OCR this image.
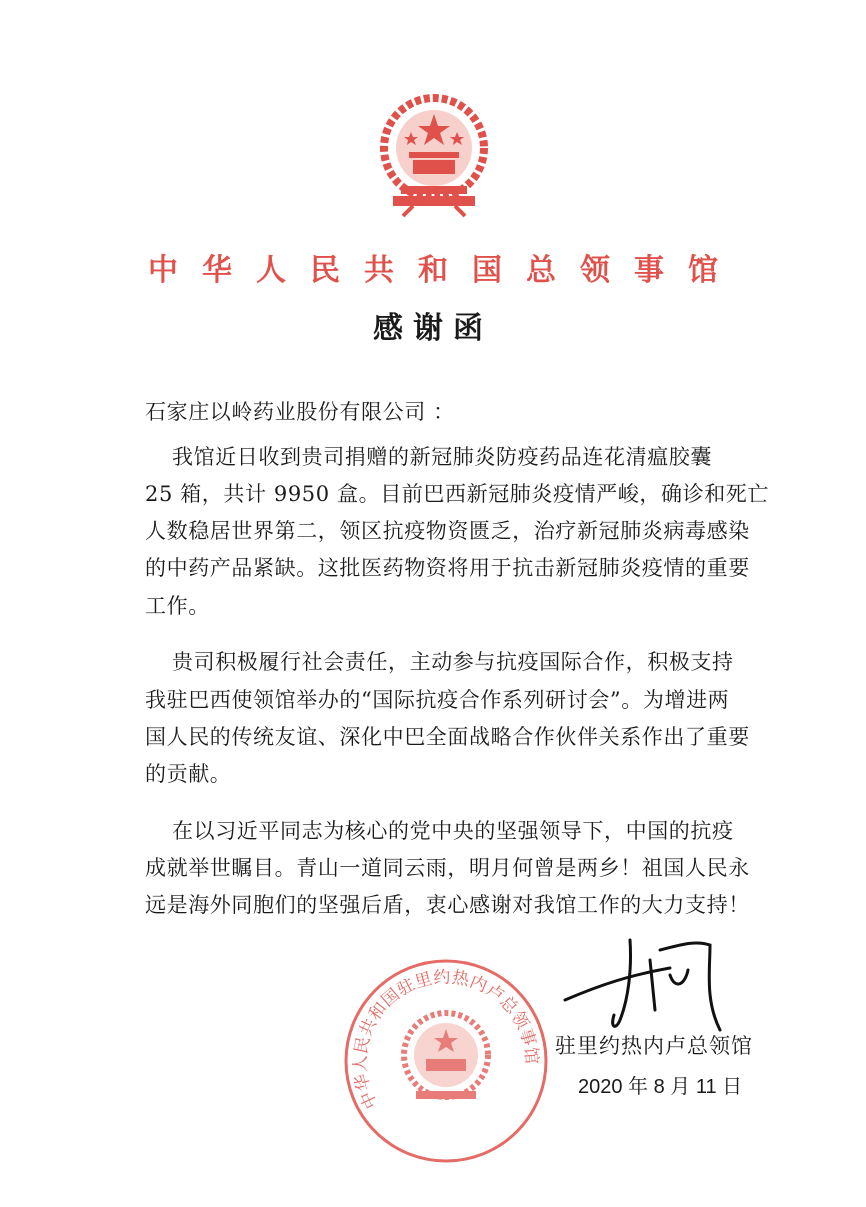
中华人民共和国总领事馆
感谢函
石家庄以岭药业股份有限公司 ：
我馆近日收到贵司捐赠的新冠肺炎防疫药品连花清瘟胶囊
25 箱，共计 9950 盒。目前巴西新冠肺炎疫情严峻，确诊和死亡
人数稳居世界第二，领区抗疫物资匮乏，治疗新冠肺炎病毒感染
的中药产品紧缺。这批医药物资将用于抗击新冠肺炎疫情的重要
工作。
贵司积极履行社会责任，主动参与抗疫国际合作，积极支持
我驻巴西使领馆举办的“国际抗疫合作系列研讨会”。为增进两
国人民的传统友谊、深化中巴全面战略合作伙伴关系作出了重要
的贡献。
在以习近平同志为核心的党中央的坚强领导下，中国的抗疫
成就举世瞩目。青山一道同云雨，明月何曾是两乡！祖国人民永
远是海外同胞们的坚强后盾，衷心感谢对我馆工作的大力支持！
中华人民共和国驻里约热内卢总领事馆 驻里约热内卢总领馆
2020 年 8 月 11 日
